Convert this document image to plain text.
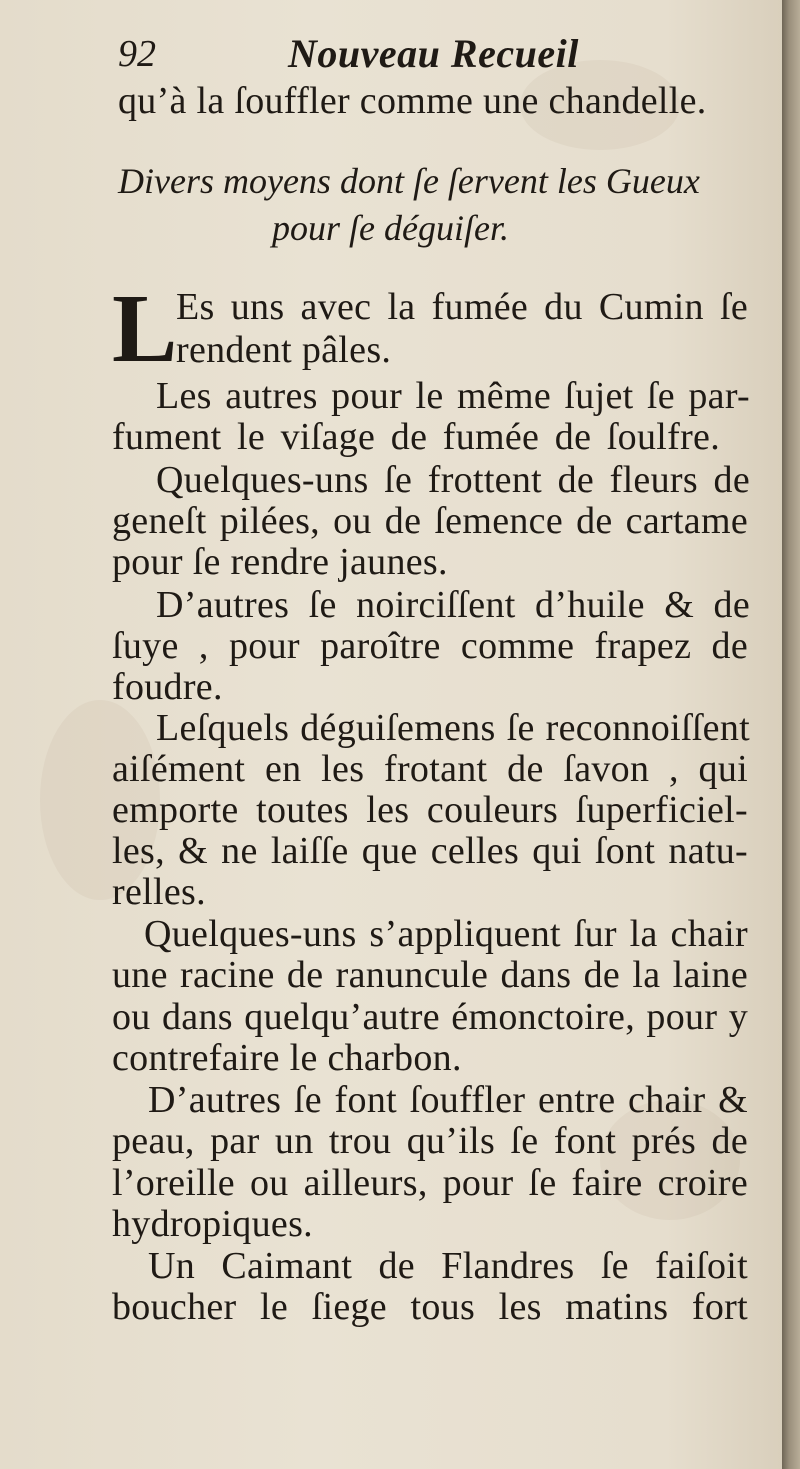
92	Nouveau Recueil
qu’à la ſouffler comme une chandelle.
Divers moyens dont ſe ſervent les Gueux
pour ſe déguiſer.
L
Es uns avec la fumée du Cumin ſe
rendent pâles.
Les autres pour le même ſujet ſe par-
fument le viſage de fumée de ſoulfre.
Quelques-uns ſe frottent de fleurs de
geneſt pilées, ou de ſemence de cartame
pour ſe rendre jaunes.
D’autres ſe noirciſſent d’huile & de
ſuye , pour paroître comme frapez de
foudre.
Leſquels déguiſemens ſe reconnoiſſent
aiſément en les frotant de ſavon , qui
emporte toutes les couleurs ſuperficiel-
les, & ne laiſſe que celles qui ſont natu-
relles.
Quelques-uns s’appliquent ſur la chair
une racine de ranuncule dans de la laine
ou dans quelqu’autre émonctoire, pour y
contrefaire le charbon.
D’autres ſe font ſouffler entre chair &
peau, par un trou qu’ils ſe font prés de
l’oreille ou ailleurs, pour ſe faire croire
hydropiques.
Un Caimant de Flandres ſe faiſoit
boucher le ſiege tous les matins fort
